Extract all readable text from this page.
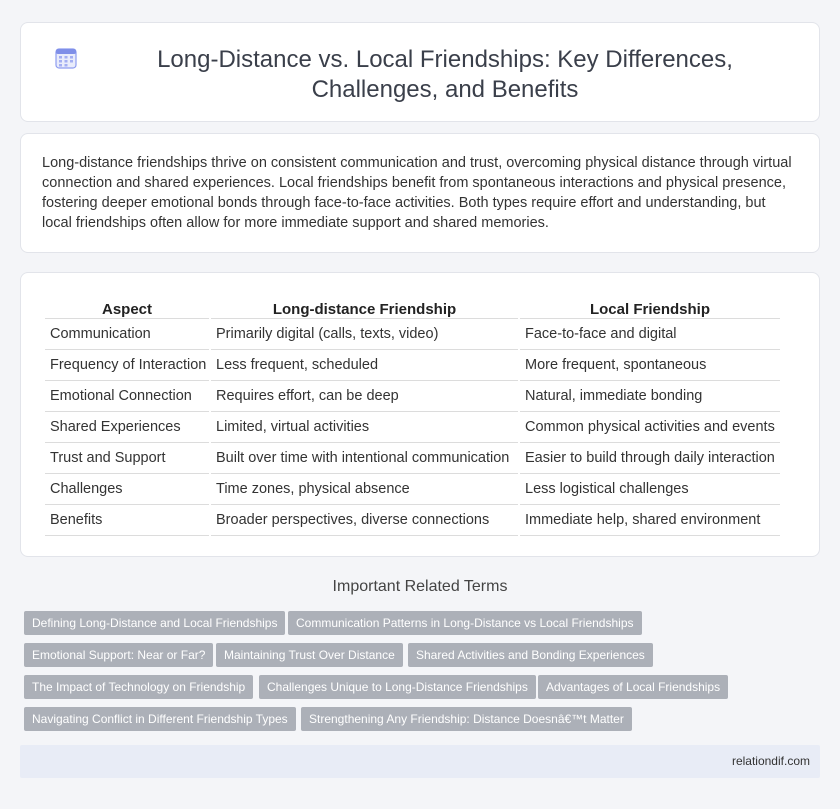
Long-Distance vs. Local Friendships: Key Differences, Challenges, and Benefits

Long-distance friendships thrive on consistent communication and trust, overcoming physical distance through virtual connection and shared experiences. Local friendships benefit from spontaneous interactions and physical presence, fostering deeper emotional bonds through face-to-face activities. Both types require effort and understanding, but local friendships often allow for more immediate support and shared memories.

Aspect	Long-distance Friendship	Local Friendship
Communication	Primarily digital (calls, texts, video)	Face-to-face and digital
Frequency of Interaction	Less frequent, scheduled	More frequent, spontaneous
Emotional Connection	Requires effort, can be deep	Natural, immediate bonding
Shared Experiences	Limited, virtual activities	Common physical activities and events
Trust and Support	Built over time with intentional communication	Easier to build through daily interaction
Challenges	Time zones, physical absence	Less logistical challenges
Benefits	Broader perspectives, diverse connections	Immediate help, shared environment
Important Related Terms
Defining Long-Distance and Local Friendships	Communication Patterns in Long-Distance vs Local Friendships
Emotional Support: Near or Far?	Maintaining Trust Over Distance	Shared Activities and Bonding Experiences
The Impact of Technology on Friendship	Challenges Unique to Long-Distance Friendships	Advantages of Local Friendships
Navigating Conflict in Different Friendship Types	Strengthening Any Friendship: Distance Doesnâ€™t Matter
relationdif.com
